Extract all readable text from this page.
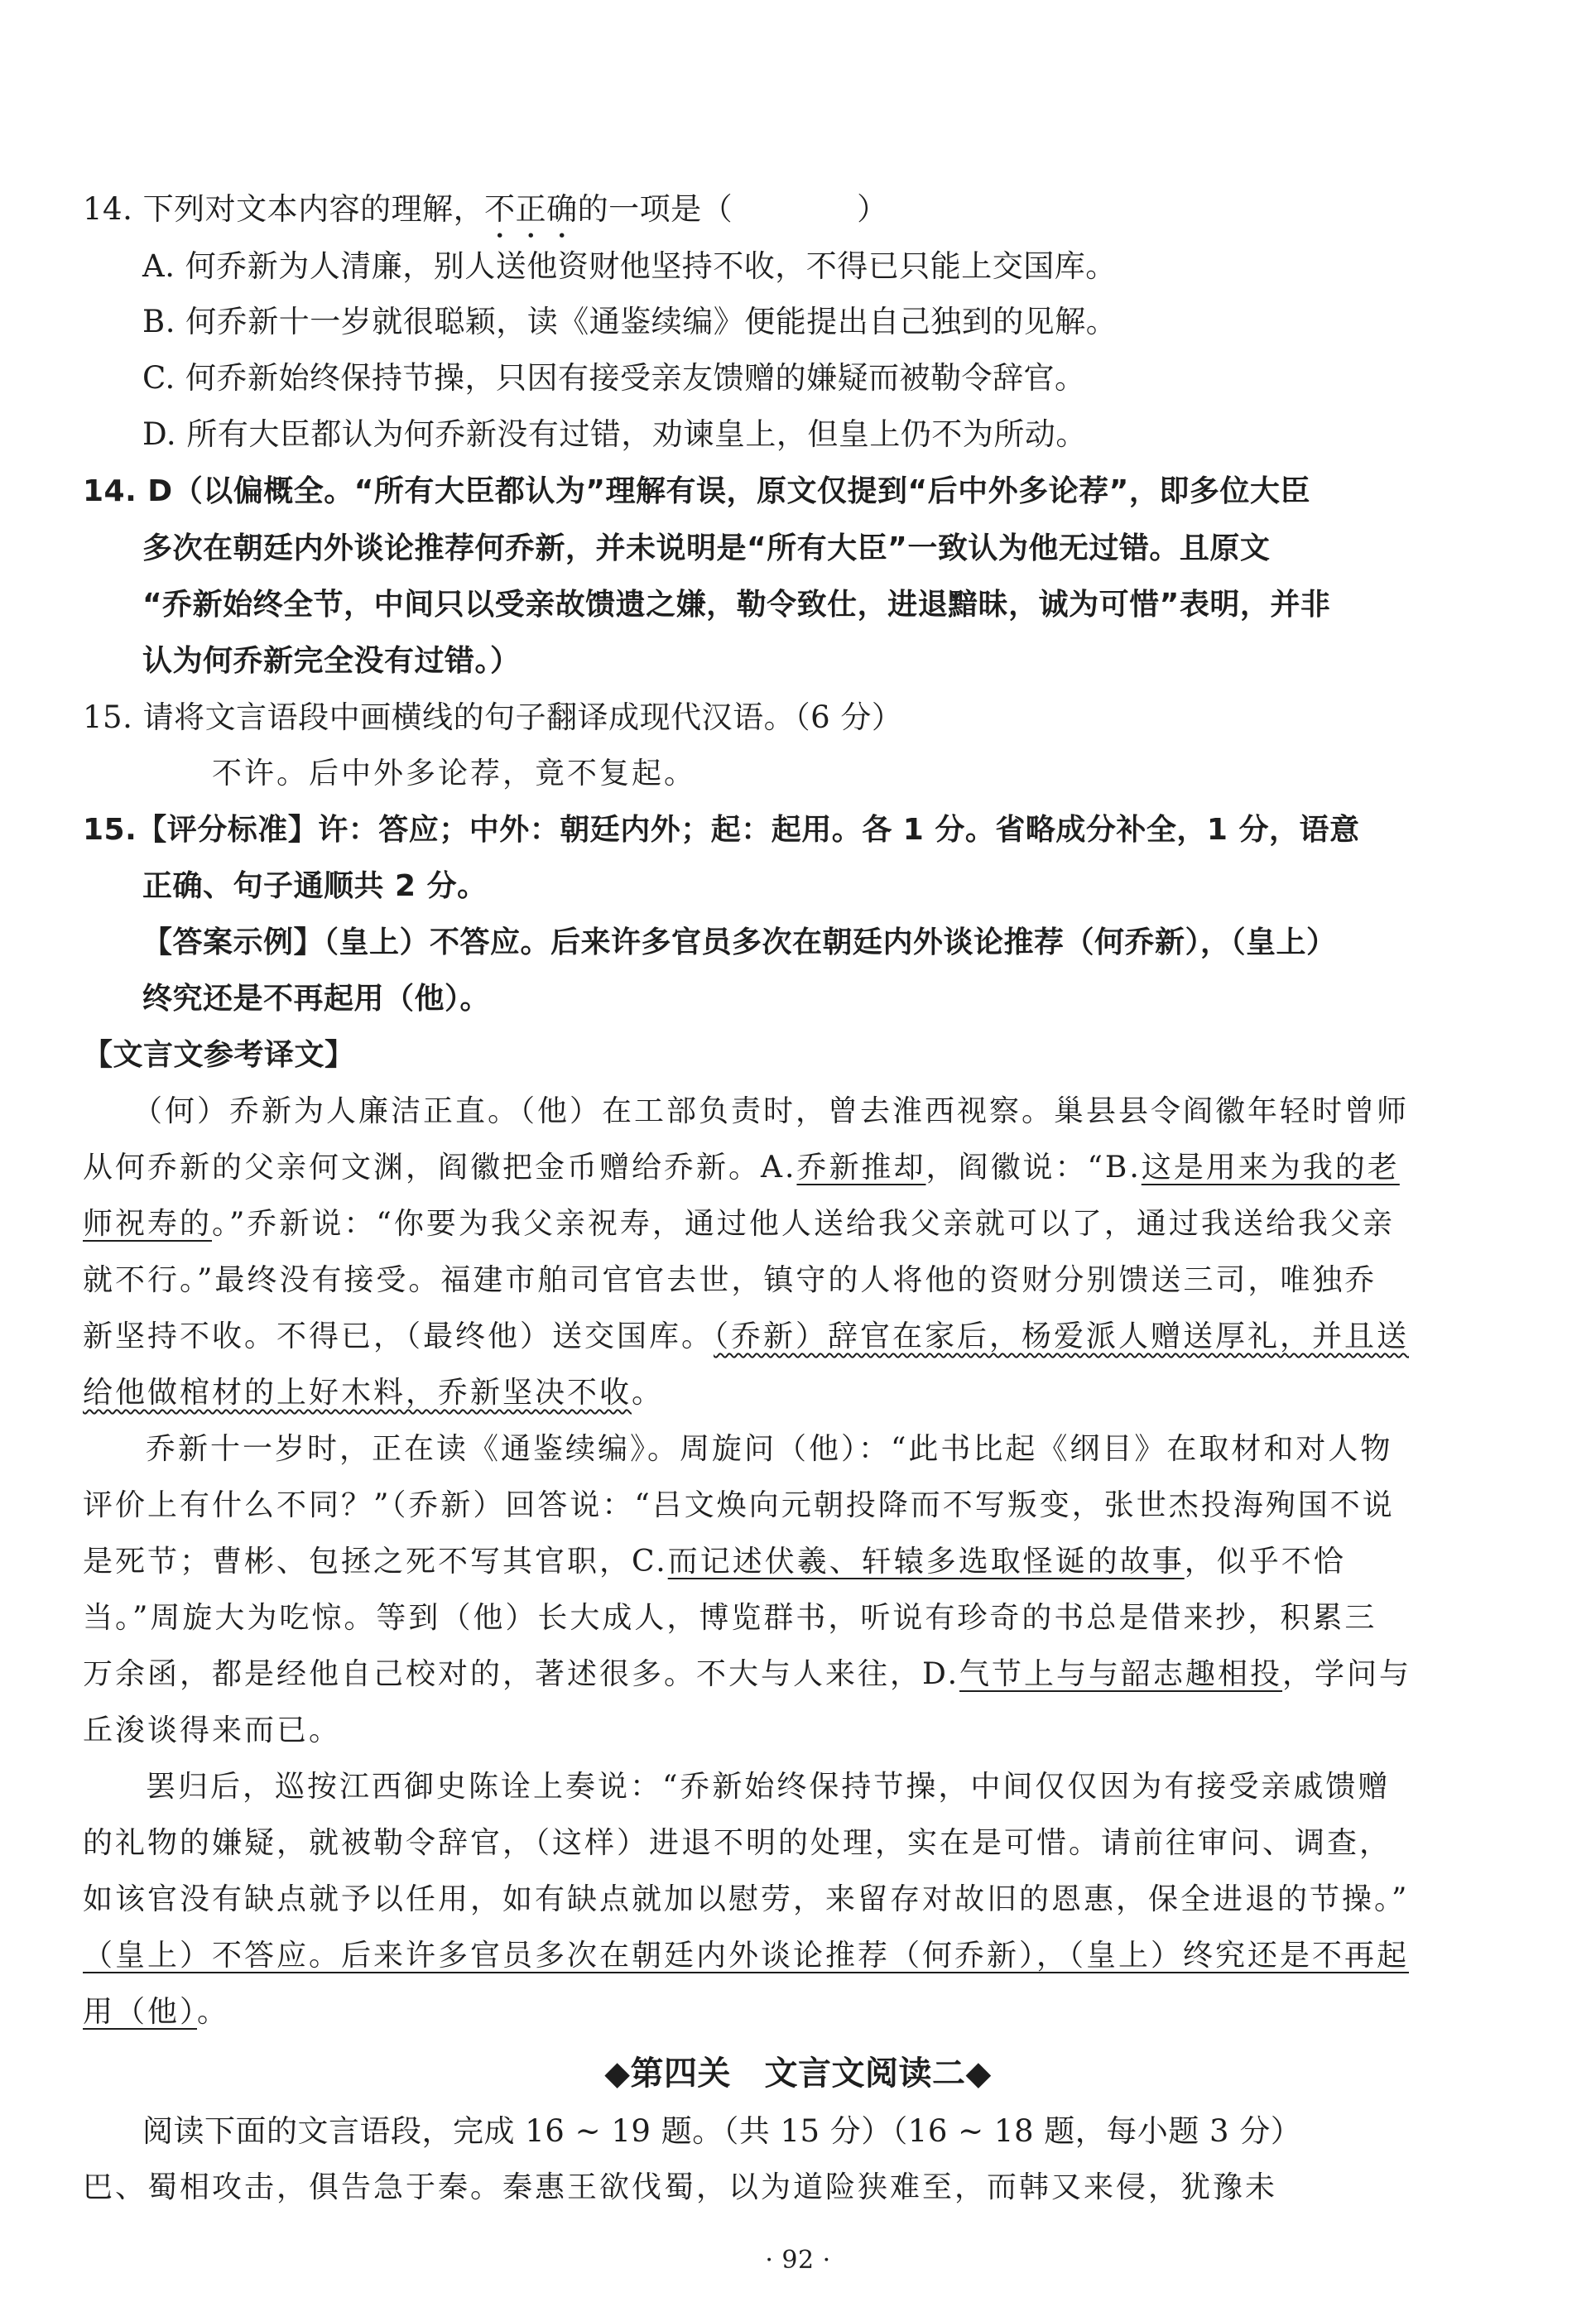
14. 下列对文本内容的理解，不正确的一项是（　　　　）
A. 何乔新为人清廉，别人送他资财他坚持不收，不得已只能上交国库。
B. 何乔新十一岁就很聪颖，读《通鉴续编》便能提出自己独到的见解。
C. 何乔新始终保持节操，只因有接受亲友馈赠的嫌疑而被勒令辞官。
D. 所有大臣都认为何乔新没有过错，劝谏皇上，但皇上仍不为所动。
14. D（以偏概全。“所有大臣都认为”理解有误，原文仅提到“后中外多论荐”，即多位大臣
多次在朝廷内外谈论推荐何乔新，并未说明是“所有大臣”一致认为他无过错。且原文
“乔新始终全节，中间只以受亲故馈遗之嫌，勒令致仕，进退黯昧，诚为可惜”表明，并非
认为何乔新完全没有过错。）
15. 请将文言语段中画横线的句子翻译成现代汉语。（6 分）
不许。后中外多论荐，竟不复起。
15.【评分标准】许：答应；中外：朝廷内外；起：起用。各 1 分。省略成分补全，1 分，语意
正确、句子通顺共 2 分。
【答案示例】（皇上）不答应。后来许多官员多次在朝廷内外谈论推荐（何乔新），（皇上）
终究还是不再起用（他）。
【文言文参考译文】
（何）乔新为人廉洁正直。（他）在工部负责时，曾去淮西视察。巢县县令阎徽年轻时曾师
从何乔新的父亲何文渊，阎徽把金币赠给乔新。A.乔新推却，阎徽说：“B.这是用来为我的老
师祝寿的。”乔新说：“你要为我父亲祝寿，通过他人送给我父亲就可以了，通过我送给我父亲
就不行。”最终没有接受。福建市舶司官官去世，镇守的人将他的资财分别馈送三司，唯独乔
新坚持不收。不得已，（最终他）送交国库。（乔新）辞官在家后，杨爱派人赠送厚礼，并且送
给他做棺材的上好木料，乔新坚决不收。
乔新十一岁时，正在读《通鉴续编》。周旋问（他）：“此书比起《纲目》在取材和对人物
评价上有什么不同？”（乔新）回答说：“吕文焕向元朝投降而不写叛变，张世杰投海殉国不说
是死节；曹彬、包拯之死不写其官职，C.而记述伏羲、轩辕多选取怪诞的故事，似乎不恰
当。”周旋大为吃惊。等到（他）长大成人，博览群书，听说有珍奇的书总是借来抄，积累三
万余函，都是经他自己校对的，著述很多。不大与人来往，D.气节上与与韶志趣相投，学问与
丘浚谈得来而已。
罢归后，巡按江西御史陈诠上奏说：“乔新始终保持节操，中间仅仅因为有接受亲戚馈赠
的礼物的嫌疑，就被勒令辞官，（这样）进退不明的处理，实在是可惜。请前往审问、调查，
如该官没有缺点就予以任用，如有缺点就加以慰劳，来留存对故旧的恩惠，保全进退的节操。”
（皇上）不答应。后来许多官员多次在朝廷内外谈论推荐（何乔新），（皇上）终究还是不再起
用（他）。
◆第四关　文言文阅读二◆
阅读下面的文言语段，完成 16 ~ 19 题。（共 15 分）（16 ~ 18 题，每小题 3 分）
巴、蜀相攻击，俱告急于秦。秦惠王欲伐蜀，以为道险狭难至，而韩又来侵，犹豫未
· 92 ·
